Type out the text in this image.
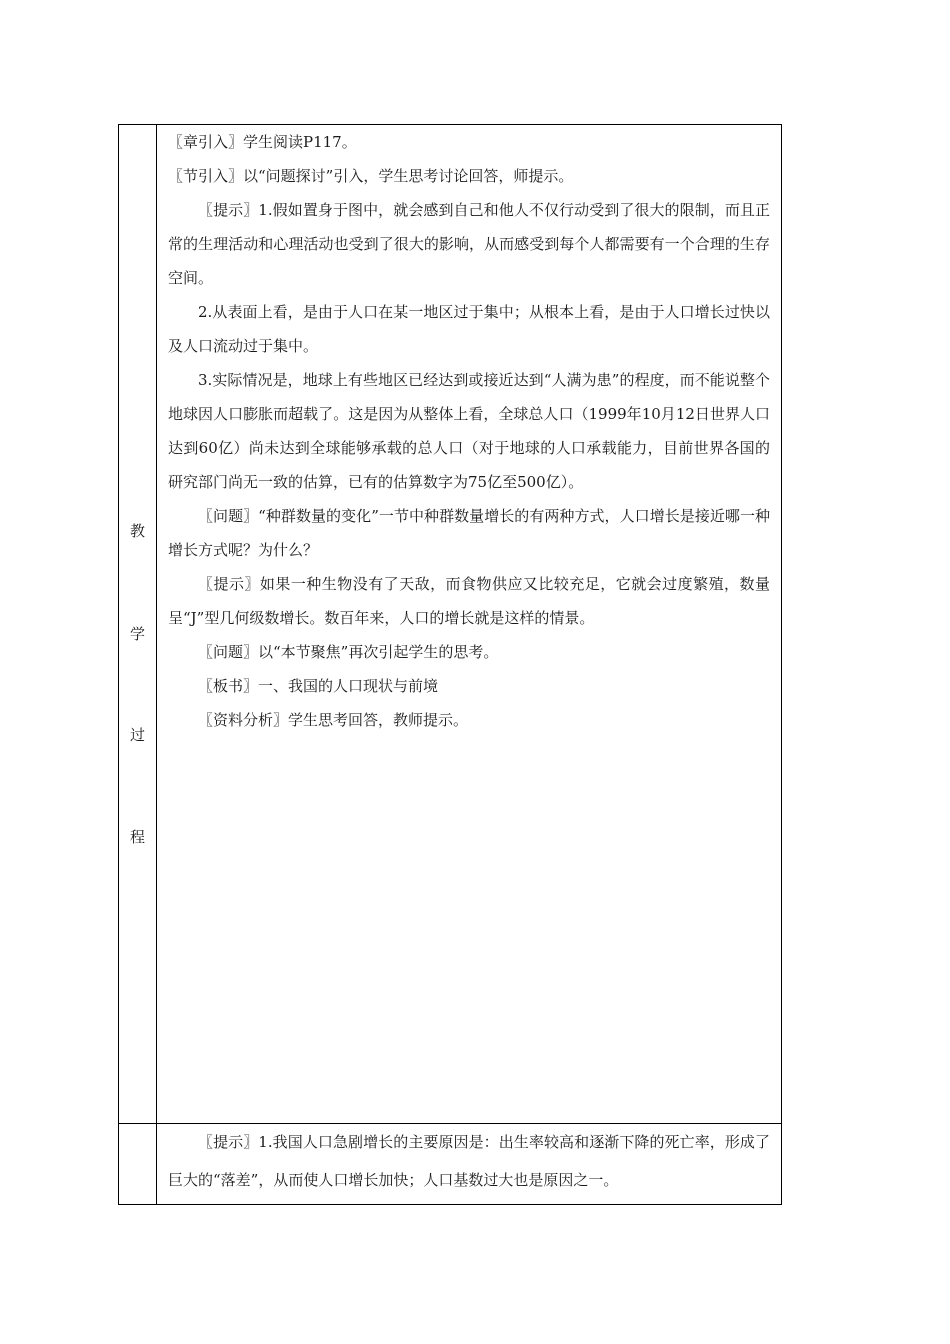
教
学
过
程

〖章引入〗学生阅读P117。

〖节引入〗以“问题探讨”引入，学生思考讨论回答，师提示。

〖提示〗1.假如置身于图中，就会感到自己和他人不仅行动受到了很大的限制，而且正常的生理活动和心理活动也受到了很大的影响，从而感受到每个人都需要有一个合理的生存空间。

2.从表面上看，是由于人口在某一地区过于集中；从根本上看，是由于人口增长过快以及人口流动过于集中。

3.实际情况是，地球上有些地区已经达到或接近达到“人满为患”的程度，而不能说整个地球因人口膨胀而超载了。这是因为从整体上看，全球总人口（1999年10月12日世界人口达到60亿）尚未达到全球能够承载的总人口（对于地球的人口承载能力，目前世界各国的研究部门尚无一致的估算，已有的估算数字为75亿至500亿）。

〖问题〗“种群数量的变化”一节中种群数量增长的有两种方式，人口增长是接近哪一种增长方式呢？为什么？

〖提示〗如果一种生物没有了天敌，而食物供应又比较充足，它就会过度繁殖，数量呈“J”型几何级数增长。数百年来，人口的增长就是这样的情景。

〖问题〗以“本节聚焦”再次引起学生的思考。

〖板书〗一、我国的人口现状与前境

〖资料分析〗学生思考回答，教师提示。

〖提示〗1.我国人口急剧增长的主要原因是：出生率较高和逐渐下降的死亡率，形成了巨大的“落差”，从而使人口增长加快；人口基数过大也是原因之一。
